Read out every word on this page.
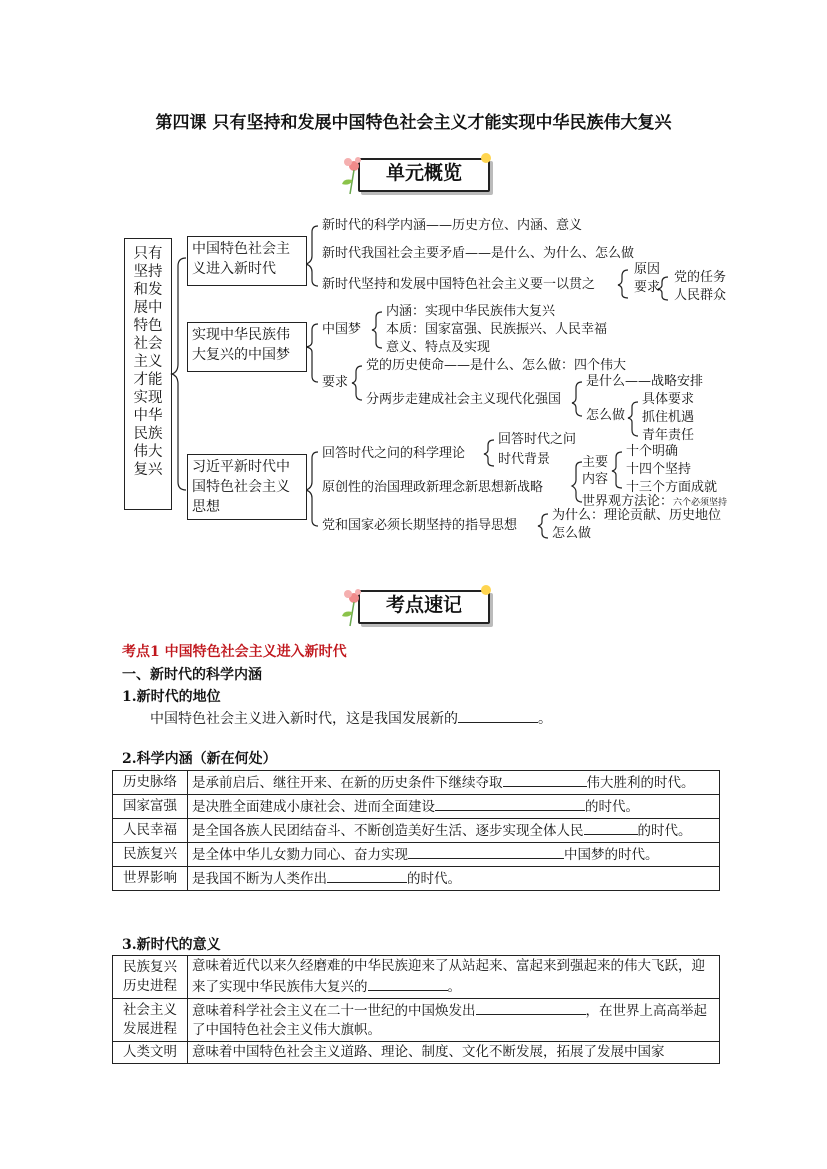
第四课 只有坚持和发展中国特色社会主义才能实现中华民族伟大复兴
单元概览
只有
坚持
和发
展中
特色
社会
主义
才能
实现
中华
民族
伟大
复兴
中国特色社会主
义进入新时代
新时代的科学内涵——历史方位、内涵、意义
新时代我国社会主要矛盾——是什么、为什么、怎么做
新时代坚持和发展中国特色社会主义要一以贯之
原因
要求
党的任务
人民群众
实现中华民族伟
大复兴的中国梦
中国梦
内涵：实现中华民族伟大复兴
本质：国家富强、民族振兴、人民幸福
意义、特点及实现
要求
党的历史使命——是什么、怎么做：四个伟大
分两步走建成社会主义现代化强国
是什么——战略安排
怎么做
具体要求
抓住机遇
青年责任
习近平新时代中
国特色社会主义
思想
回答时代之问的科学理论
回答时代之问
时代背景
原创性的治国理政新理念新思想新战略
主要
内容
十个明确
十四个坚持
十三个方面成就
世界观方法论：六个必须坚持
党和国家必须长期坚持的指导思想
为什么：理论贡献、历史地位
怎么做
考点速记
考点1 中国特色社会主义进入新时代
一、新时代的科学内涵
1.新时代的地位
中国特色社会主义进入新时代，这是我国发展新的	。
2.科学内涵（新在何处）
历史脉络	是承前启后、继往开来、在新的历史条件下继续夺取 伟大胜利的时代。
国家富强	是决胜全面建成小康社会、进而全面建设 的时代。
人民幸福	是全国各族人民团结奋斗、不断创造美好生活、逐步实现全体人民 的时代。
民族复兴	是全体中华儿女勠力同心、奋力实现 中国梦的时代。
世界影响	是我国不断为人类作出 的时代。
3.新时代的意义
民族复兴
历史进程	意味着近代以来久经磨难的中华民族迎来了从站起来、富起来到强起来的伟大飞跃，迎来了实现中华民族伟大复兴的 。

社会主义
发展进程	意味着科学社会主义在二十一世纪的中国焕发出 ，在世界上高高举起了中国特色社会主义伟大旗帜。

人类文明	意味着中国特色社会主义道路、理论、制度、文化不断发展，拓展了发展中国家
